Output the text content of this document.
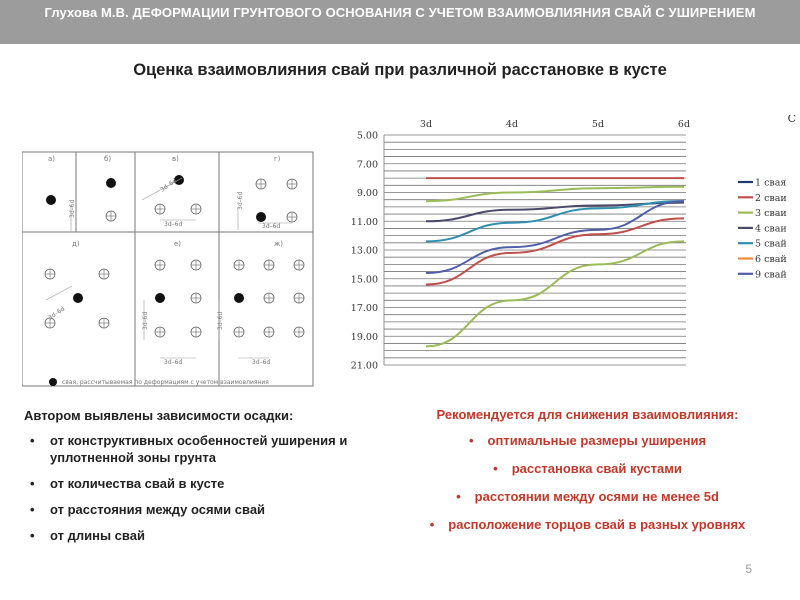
Глухова М.В. ДЕФОРМАЦИИ ГРУНТОВОГО ОСНОВАНИЯ С УЧЕТОМ ВЗАИМОВЛИЯНИЯ СВАЙ С УШИРЕНИЕМ
Оценка взаимовлияния свай при различной расстановке в кусте
a)	б)	в)	г)
д)	е)	ж)
3d–6d
3d–6d
3d–6d
3d–6d
3d–6d
3d–6d	3d–6d
3d–6d
3d–6d
3d–6d
свая, рассчитываемая по деформациям с учетом взаимовлияния
5.00
7.00
9.00
11.00
13.00
15.00
17.00
19.00
21.00
3d	4d	5d	6d	С
1 свая
2 сваи
3 сваи
4 сваи
5 свай
6 свай
9 свай
Автором выявлены зависимости осадки:
• от конструктивных особенностей уширения и уплотненной зоны грунта
• от количества свай в кусте
• от расстояния между осями свай
• от длины свай
Рекомендуется для снижения взаимовлияния:
• оптимальные размеры уширения
• расстановка свай кустами
• расстоянии между осями не менее 5d
• расположение торцов свай в разных уровнях
5
